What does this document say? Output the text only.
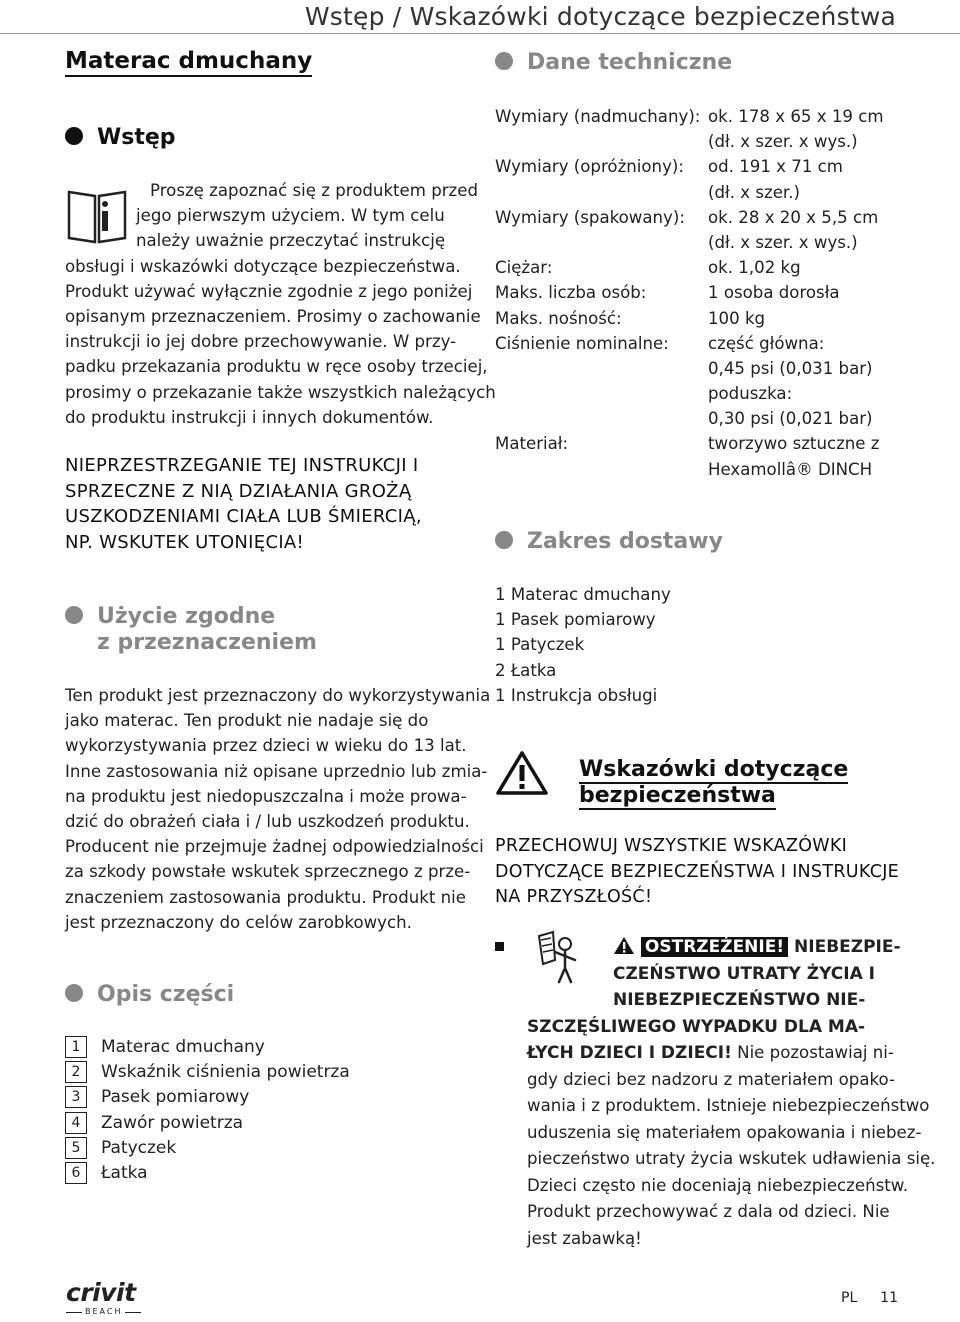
Wstęp / Wskazówki dotyczące bezpieczeństwa
Materac dmuchany
Wstęp

Proszę zapoznać się z produktem przed

jego pierwszym użyciem. W tym celu

należy uważnie przeczytać instrukcję

obsługi i wskazówki dotyczące bezpieczeństwa.

Produkt używać wyłącznie zgodnie z jego poniżej

opisanym przeznaczeniem. Prosimy o zachowanie

instrukcji io jej dobre przechowywanie. W przy-

padku przekazania produktu w ręce osoby trzeciej,

prosimy o przekazanie także wszystkich należących

do produktu instrukcji i innych dokumentów.

NIEPRZESTRZEGANIE TEJ INSTRUKCJI I

SPRZECZNE Z NIĄ DZIAŁANIA GROŻĄ

USZKODZENIAMI CIAŁA LUB ŚMIERCIĄ,

NP. WSKUTEK UTONIĘCIA!

Użycie zgodne
z przeznaczeniem

Ten produkt jest przeznaczony do wykorzystywania

jako materac. Ten produkt nie nadaje się do

wykorzystywania przez dzieci w wieku do 13 lat.

Inne zastosowania niż opisane uprzednio lub zmia-

na produktu jest niedopuszczalna i może prowa-

dzić do obrażeń ciała i / lub uszkodzeń produktu.

Producent nie przejmuje żadnej odpowiedzialności

za szkody powstałe wskutek sprzecznego z prze-

znaczeniem zastosowania produktu. Produkt nie

jest przeznaczony do celów zarobkowych.

Opis części
1 Materac dmuchany
2 Wskaźnik ciśnienia powietrza
3 Pasek pomiarowy
4 Zawór powietrza
5 Patyczek
6 Łatka
Dane techniczne
Wymiary (nadmuchany): ok. 178 x 65 x 19 cm
(dł. x szer. x wys.)
Wymiary (opróżniony): od. 191 x 71 cm
(dł. x szer.)
Wymiary (spakowany): ok. 28 x 20 x 5,5 cm
(dł. x szer. x wys.)
Ciężar:	ok. 1,02 kg
Maks. liczba osób:	1 osoba dorosła
Maks. nośność:	100 kg
Ciśnienie nominalne: część główna:
0,45 psi (0,031 bar)
poduszka:
0,30 psi (0,021 bar)
Materiał:	tworzywo sztuczne z
Hexamollâ® DINCH
Zakres dostawy

1 Materac dmuchany

1 Pasek pomiarowy

1 Patyczek

2 Łatka

1 Instrukcja obsługi

Wskazówki dotyczące
bezpieczeństwa

PRZECHOWUJ WSZYSTKIE WSKAZÓWKI

DOTYCZĄCE BEZPIECZEŃSTWA I INSTRUKCJE

NA PRZYSZŁOŚĆ!

OSTRZEŻENIE! NIEBEZPIE-
CZEŃSTWO UTRATY ŻYCIA I
NIEBEZPIECZEŃSTWO NIE-
SZCZĘŚLIWEGO WYPADKU DLA MA-
ŁYCH DZIECI I DZIECI! Nie pozostawiaj ni-
gdy dzieci bez nadzoru z materiałem opako-
wania i z produktem. Istnieje niebezpieczeństwo
uduszenia się materiałem opakowania i niebez-
pieczeństwo utraty życia wskutek udławienia się.
Dzieci często nie doceniają niebezpieczeństw.
Produkt przechowywać z dala od dzieci. Nie
jest zabawką!
crivit
BEACH
PL 11
